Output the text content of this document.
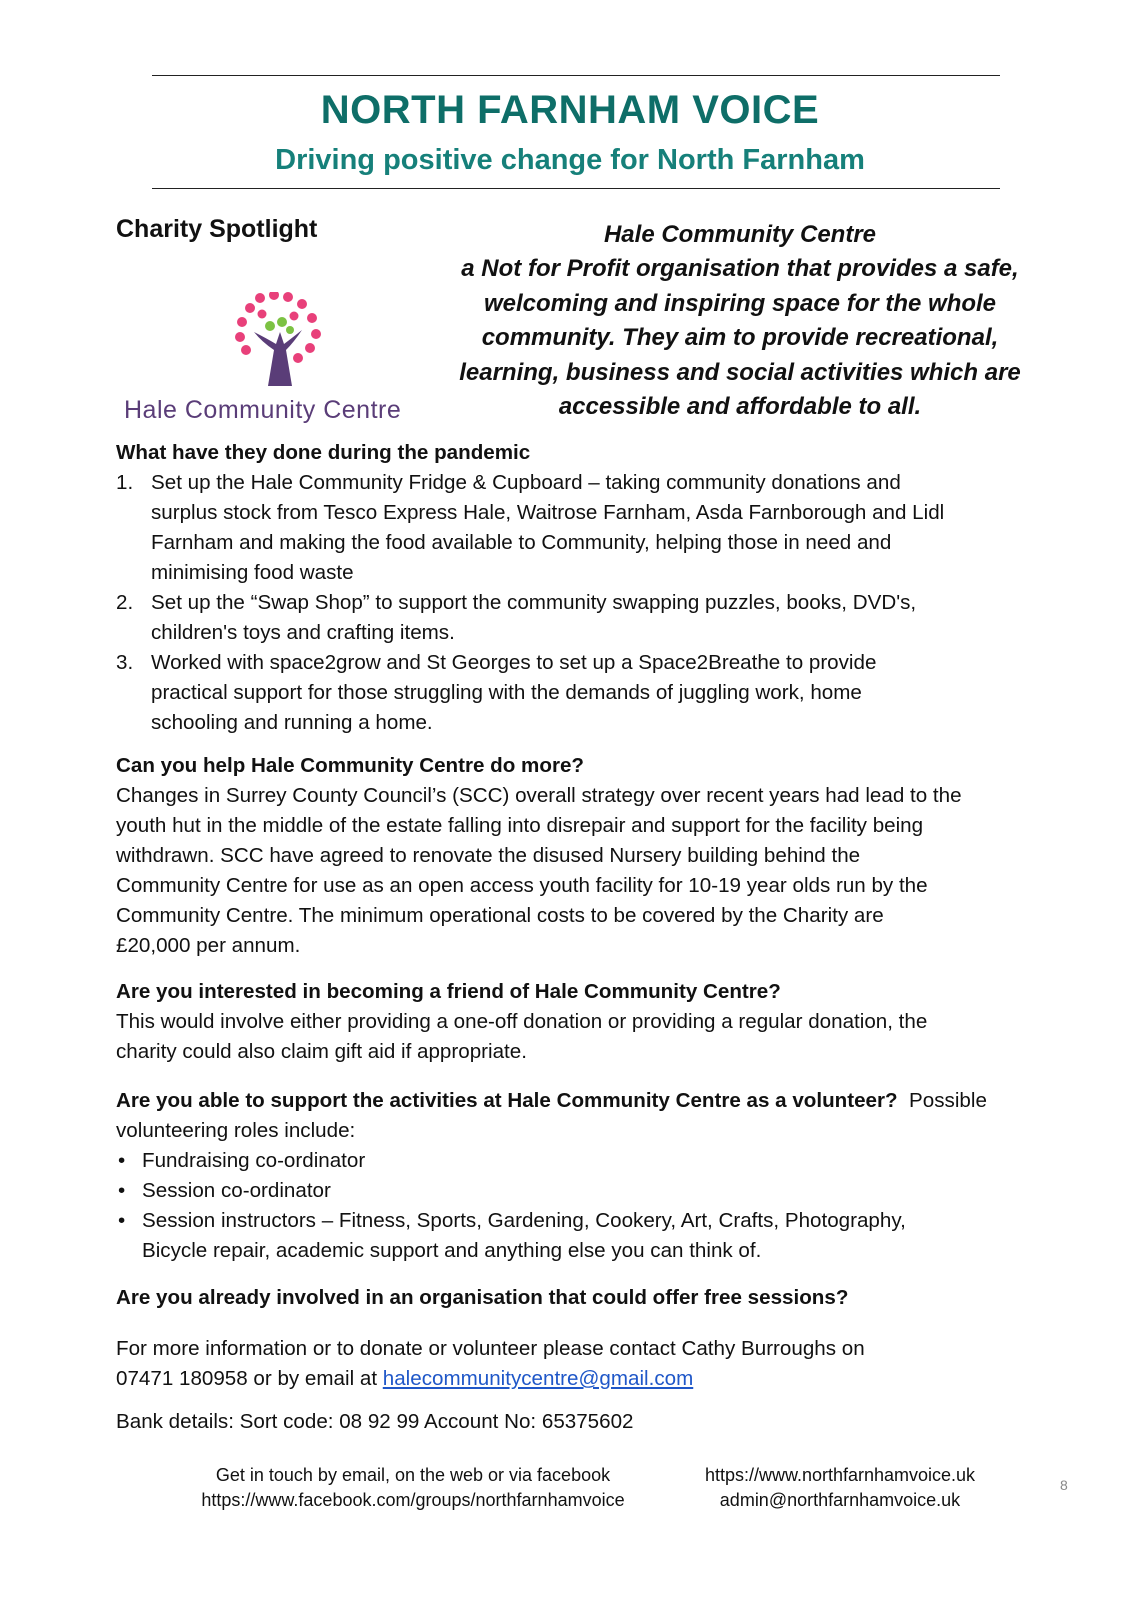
NORTH FARNHAM VOICE
Driving positive change for North Farnham
Charity Spotlight
Hale Community Centre
Hale Community Centre
a Not for Profit organisation that provides a safe,
welcoming and inspiring space for the whole
community. They aim to provide recreational,
learning, business and social activities which are
accessible and affordable to all.
What have they done during the pandemic
1. Set up the Hale Community Fridge & Cupboard – taking community donations and
surplus stock from Tesco Express Hale, Waitrose Farnham, Asda Farnborough and Lidl
Farnham and making the food available to Community, helping those in need and
minimising food waste
2. Set up the “Swap Shop” to support the community swapping puzzles, books, DVD's,
children's toys and crafting items.
3. Worked with space2grow and St Georges to set up a Space2Breathe to provide
practical support for those struggling with the demands of juggling work, home
schooling and running a home.
Can you help Hale Community Centre do more?

Changes in Surrey County Council’s (SCC) overall strategy over recent years had lead to the

youth hut in the middle of the estate falling into disrepair and support for the facility being

withdrawn. SCC have agreed to renovate the disused Nursery building behind the

Community Centre for use as an open access youth facility for 10-19 year olds run by the

Community Centre. The minimum operational costs to be covered by the Charity are

£20,000 per annum.

Are you interested in becoming a friend of Hale Community Centre?

This would involve either providing a one-off donation or providing a regular donation, the

charity could also claim gift aid if appropriate.

Are you able to support the activities at Hale Community Centre as a volunteer?  Possible

volunteering roles include:

• Fundraising co-ordinator
• Session co-ordinator
• Session instructors – Fitness, Sports, Gardening, Cookery, Art, Crafts, Photography,
Bicycle repair, academic support and anything else you can think of.
Are you already involved in an organisation that could offer free sessions?

For more information or to donate or volunteer please contact Cathy Burroughs on

07471 180958 or by email at halecommunitycentre@gmail.com

Bank details: Sort code: 08 92 99 Account No: 65375602

Get in touch by email, on the web or via facebook
https://www.facebook.com/groups/northfarnhamvoice
https://www.northfarnhamvoice.uk
admin@northfarnhamvoice.uk
8
